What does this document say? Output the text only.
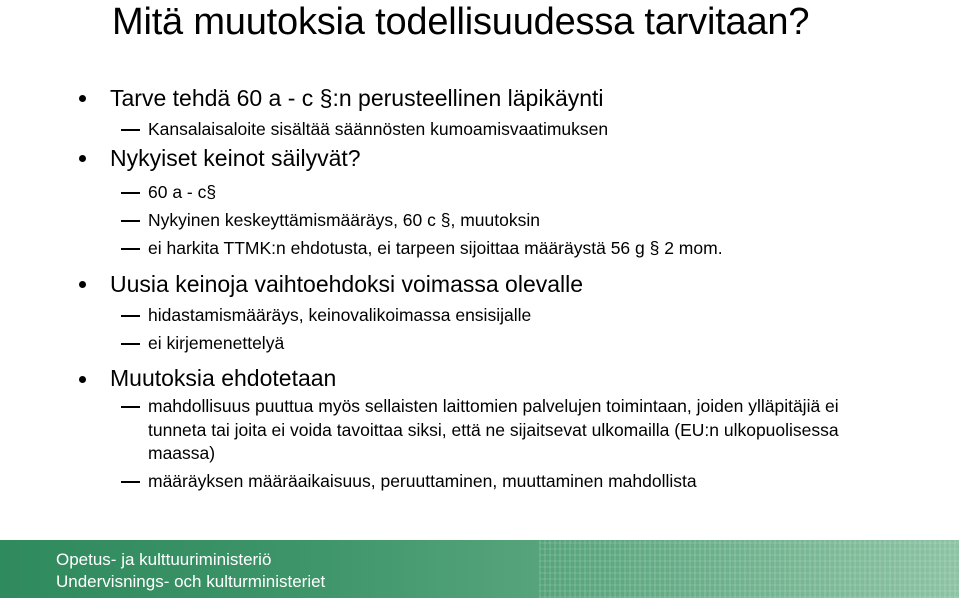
Mitä muutoksia todellisuudessa tarvitaan?
Tarve tehdä 60 a - c §:n perusteellinen läpikäynti
Kansalaisaloite sisältää säännösten kumoamisvaatimuksen
Nykyiset keinot säilyvät?
60 a - c§
Nykyinen keskeyttämismääräys, 60 c §, muutoksin
ei harkita TTMK:n ehdotusta, ei tarpeen sijoittaa määräystä 56 g § 2 mom.
Uusia keinoja vaihtoehdoksi voimassa olevalle
hidastamismääräys, keinovalikoimassa ensisijalle
ei kirjemenettelyä
Muutoksia ehdotetaan
mahdollisuus puuttua myös sellaisten laittomien palvelujen toimintaan, joiden ylläpitäjiä ei tunneta tai joita ei voida tavoittaa siksi, että ne sijaitsevat ulkomailla (EU:n ulkopuolisessa maassa)
määräyksen määräaikaisuus, peruuttaminen, muuttaminen mahdollista
Opetus- ja kulttuuriministeriö
Undervisnings- och kulturministeriet
